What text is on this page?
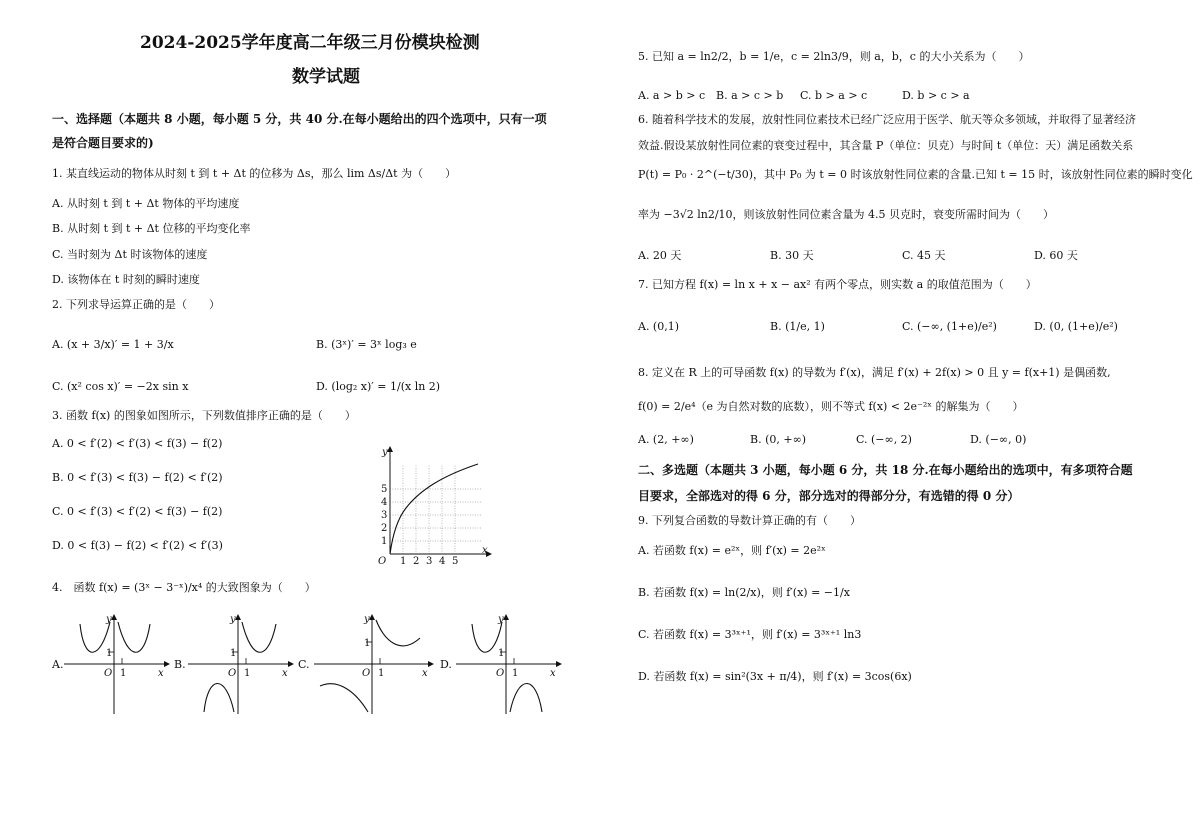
2024-2025学年度高二年级三月份模块检测
数学试题
一、选择题（本题共 8 小题，每小题 5 分，共 40 分.在每小题给出的四个选项中，只有一项
是符合题目要求的)
1. 某直线运动的物体从时刻 t 到 t + Δt 的位移为 Δs，那么 lim Δs/Δt 为（　　）
A. 从时刻 t 到 t + Δt 物体的平均速度
B. 从时刻 t 到 t + Δt 位移的平均变化率
C. 当时刻为 Δt 时该物体的速度
D. 该物体在 t 时刻的瞬时速度
2. 下列求导运算正确的是（　　）
A. (x + 3/x)′ = 1 + 3/x	B. (3ˣ)′ = 3ˣ log₃ e
C. (x² cos x)′ = −2x sin x	D. (log₂ x)′ = 1/(x ln 2)
3. 函数 f(x) 的图象如图所示，下列数值排序正确的是（　　）
A. 0 < f′(2) < f′(3) < f(3) − f(2)
B. 0 < f′(3) < f(3) − f(2) < f′(2)
C. 0 < f′(3) < f′(2) < f(3) − f(2)
D. 0 < f(3) − f(2) < f′(2) < f′(3)
y
x
O 1 2 3 4 5
1
2
3
4
5
4.　函数 f(x) = (3ˣ − 3⁻ˣ)/x⁴ 的大致图象为（　　）
A.
y
x
O 1
1
B.
y
x
O 1
1
C.
y
x
O 1
1
D.
y
x
O 1
1
5. 已知 a = ln2/2，b = 1/e，c = 2ln3/9，则 a，b，c 的大小关系为（　　）
A. a > b > c B. a > c > b C. b > a > c	D. b > c > a
6. 随着科学技术的发展，放射性同位素技术已经广泛应用于医学、航天等众多领域，并取得了显著经济
效益.假设某放射性同位素的衰变过程中，其含量 P（单位：贝克）与时间 t（单位：天）满足函数关系
P(t) = P₀ · 2^(−t/30)，其中 P₀ 为 t = 0 时该放射性同位素的含量.已知 t = 15 时，该放射性同位素的瞬时变化
率为 −3√2 ln2/10，则该放射性同位素含量为 4.5 贝克时，衰变所需时间为（　　）
A. 20 天	B. 30 天	C. 45 天	D. 60 天
7. 已知方程 f(x) = ln x + x − ax² 有两个零点，则实数 a 的取值范围为（　　）
A. (0,1)	B. (1/e, 1)	C. (−∞, (1+e)/e²)	D. (0, (1+e)/e²)
8. 定义在 R 上的可导函数 f(x) 的导数为 f′(x)，满足 f′(x) + 2f(x) > 0 且 y = f(x+1) 是偶函数,
f(0) = 2/e⁴（e 为自然对数的底数），则不等式 f(x) < 2e⁻²ˣ 的解集为（　　）
A. (2, +∞)	B. (0, +∞)	C. (−∞, 2)	D. (−∞, 0)
二、多选题（本题共 3 小题，每小题 6 分，共 18 分.在每小题给出的选项中，有多项符合题
目要求，全部选对的得 6 分，部分选对的得部分分，有选错的得 0 分）
9. 下列复合函数的导数计算正确的有（　　）
A. 若函数 f(x) = e²ˣ，则 f′(x) = 2e²ˣ
B. 若函数 f(x) = ln(2/x)，则 f′(x) = −1/x
C. 若函数 f(x) = 3³ˣ⁺¹，则 f′(x) = 3³ˣ⁺¹ ln3
D. 若函数 f(x) = sin²(3x + π/4)，则 f′(x) = 3cos(6x)
